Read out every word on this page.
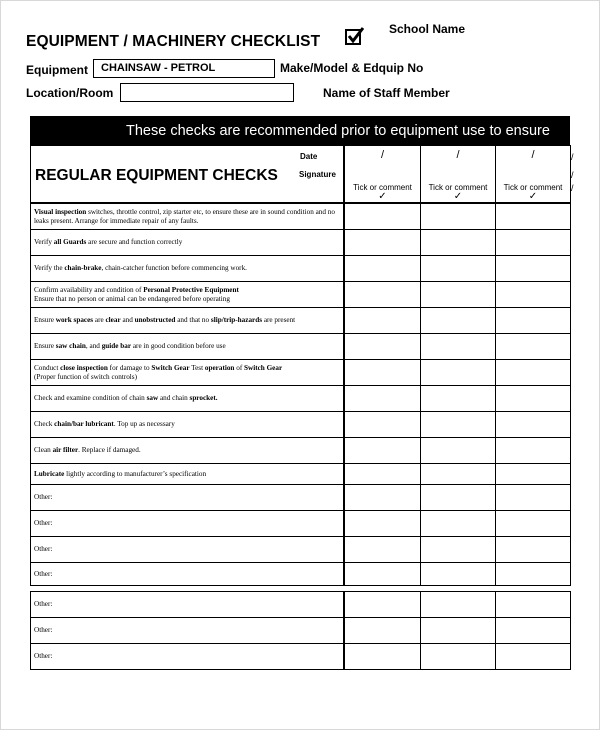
EQUIPMENT / MACHINERY CHECKLIST
School Name
Equipment	CHAINSAW - PETROL	Make/Model & Edquip No
Location/Room	Name of Staff Member
These checks are recommended prior to equipment use to ensure
REGULAR EQUIPMENT CHECKS
Date
Signature
/
Tick or comment
✓
/
Tick or comment
✓
/
Tick or comment
✓
/
/
/
Visual inspection switches, throttle control, zip starter etc, to ensure these are in sound condition and no leaks present. Arrange for immediate repair of any faults.
Verify all Guards are secure and function correctly
Verify the chain-brake, chain-catcher function before commencing work.
Confirm availability and condition of Personal Protective Equipment
Ensure that no person or animal can be endangered before operating
Ensure work spaces are clear and unobstructed and that no slip/trip-hazards are present
Ensure saw chain, and guide bar are in good condition before use
Conduct close inspection for damage to Switch Gear Test operation of Switch Gear
(Proper function of switch controls)
Check and examine condition of chain saw and chain sprocket.
Check chain/bar lubricant. Top up as necessary
Clean air filter. Replace if damaged.
Lubricate lightly according to manufacturer’s specification
Other:
Other:
Other:
Other:
Other:
Other:
Other:
